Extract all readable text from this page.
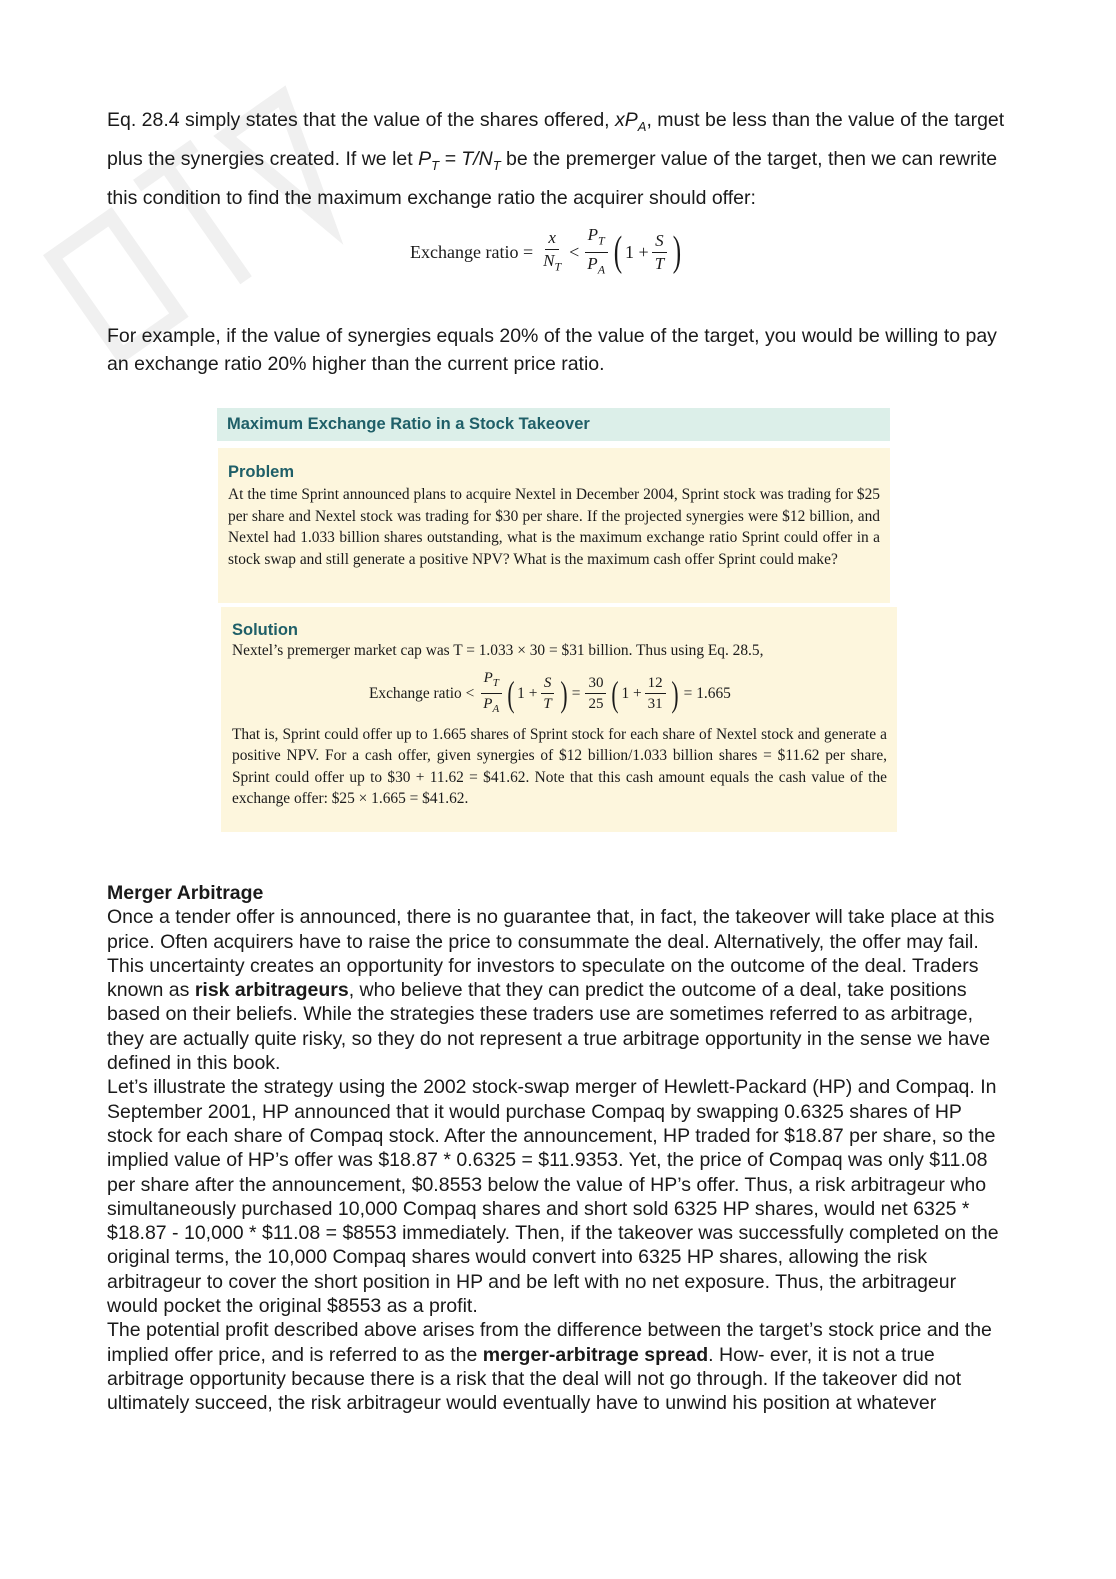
Eq. 28.4 simply states that the value of the shares offered, $xP_A$, must be less than the value of the target plus the synergies created. If we let $P_T = T/N_T$ be the premerger value of the target, then we can rewrite this condition to find the maximum exchange ratio the acquirer should offer:

Exchange ratio = $\frac{x}{N_T} < \frac{P_T}{P_A}$ ( $1 + \frac{S}{T}$ )

For example, if the value of synergies equals 20% of the value of the target, you would be willing to pay an exchange ratio 20% higher than the current price ratio.

Maximum Exchange Ratio in a Stock Takeover
Problem
At the time Sprint announced plans to acquire Nextel in December 2004, Sprint stock was trading for $25 per share and Nextel stock was trading for $30 per share. If the projected synergies were $12 billion, and Nextel had 1.033 billion shares outstanding, what is the maximum exchange ratio Sprint could offer in a stock swap and still generate a positive NPV? What is the maximum cash offer Sprint could make?
Solution
Nextel’s premerger market cap was T = 1.033 × 30 = $31 billion. Thus using Eq. 28.5,
Exchange ratio < $\frac{P_T}{P_A}$ ( $1 + \frac{S}{T}$ ) = $\frac{30}{25}$ ( $1 + \frac{12}{31}$ ) = 1.665
That is, Sprint could offer up to 1.665 shares of Sprint stock for each share of Nextel stock and generate a positive NPV. For a cash offer, given synergies of $12 billion/1.033 billion shares = $11.62 per share, Sprint could offer up to $30 + 11.62 = $41.62. Note that this cash amount equals the cash value of the exchange offer: $25 × 1.665 = $41.62.
Merger Arbitrage

Once a tender offer is announced, there is no guarantee that, in fact, the takeover will take place at this price. Often acquirers have to raise the price to consummate the deal. Alternatively, the offer may fail.

This uncertainty creates an opportunity for investors to speculate on the outcome of the deal. Traders known as risk arbitrageurs, who believe that they can predict the outcome of a deal, take positions based on their beliefs. While the strategies these traders use are sometimes referred to as arbitrage, they are actually quite risky, so they do not represent a true arbitrage opportunity in the sense we have defined in this book.

Let’s illustrate the strategy using the 2002 stock-swap merger of Hewlett-Packard (HP) and Compaq. In September 2001, HP announced that it would purchase Compaq by swapping 0.6325 shares of HP stock for each share of Compaq stock. After the announcement, HP traded for $18.87 per share, so the implied value of HP’s offer was $18.87 * 0.6325 = $11.9353. Yet, the price of Compaq was only $11.08 per share after the announcement, $0.8553 below the value of HP’s offer. Thus, a risk arbitrageur who simultaneously purchased 10,000 Compaq shares and short sold 6325 HP shares, would net 6325 * $18.87 - 10,000 * $11.08 = $8553 immediately. Then, if the takeover was successfully completed on the original terms, the 10,000 Compaq shares would convert into 6325 HP shares, allowing the risk arbitrageur to cover the short position in HP and be left with no net exposure. Thus, the arbitrageur would pocket the original $8553 as a profit.

The potential profit described above arises from the difference between the target’s stock price and the implied offer price, and is referred to as the merger-arbitrage spread. How- ever, it is not a true arbitrage opportunity because there is a risk that the deal will not go through. If the takeover did not ultimately succeed, the risk arbitrageur would eventually have to unwind his position at whatever
